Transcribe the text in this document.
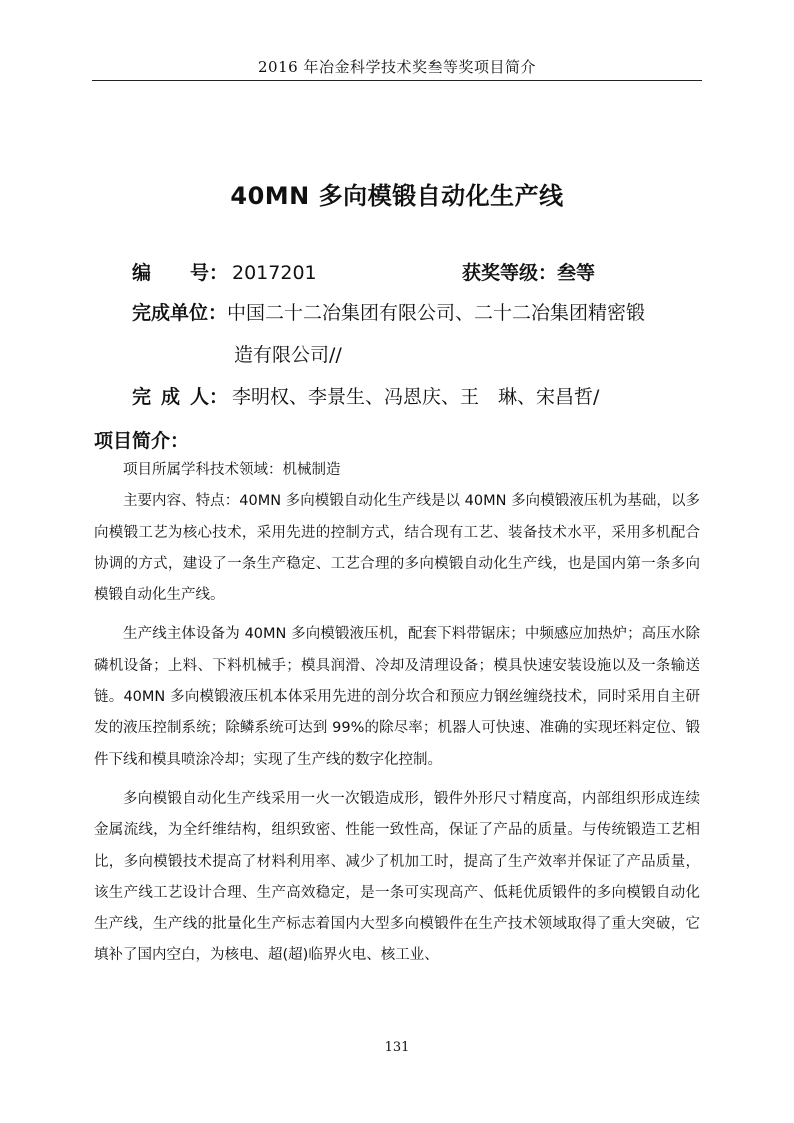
2016 年冶金科学技术奖叁等奖项目简介
40MN 多向模锻自动化生产线
编 号： 2017201	获奖等级：叁等
完成单位：中国二十二冶集团有限公司、二十二冶集团精密锻
造有限公司//
完 成 人： 李明权、李景生、冯恩庆、王　琳、宋昌哲/
项目简介：

项目所属学科技术领域：机械制造

主要内容、特点：40MN 多向模锻自动化生产线是以 40MN 多向模锻液压机为基础，以多向模锻工艺为核心技术，采用先进的控制方式，结合现有工艺、装备技术水平，采用多机配合协调的方式，建设了一条生产稳定、工艺合理的多向模锻自动化生产线，也是国内第一条多向模锻自动化生产线。

生产线主体设备为 40MN 多向模锻液压机，配套下料带锯床；中频感应加热炉；高压水除磷机设备；上料、下料机械手；模具润滑、冷却及清理设备；模具快速安装设施以及一条输送链。40MN 多向模锻液压机本体采用先进的剖分坎合和预应力钢丝缠绕技术，同时采用自主研发的液压控制系统；除鳞系统可达到 99%的除尽率；机器人可快速、准确的实现坯料定位、锻件下线和模具喷涂冷却；实现了生产线的数字化控制。

多向模锻自动化生产线采用一火一次锻造成形，锻件外形尺寸精度高，内部组织形成连续金属流线，为全纤维结构，组织致密、性能一致性高，保证了产品的质量。与传统锻造工艺相比，多向模锻技术提高了材料利用率、减少了机加工时，提高了生产效率并保证了产品质量，该生产线工艺设计合理、生产高效稳定，是一条可实现高产、低耗优质锻件的多向模锻自动化生产线，生产线的批量化生产标志着国内大型多向模锻件在生产技术领域取得了重大突破，它填补了国内空白，为核电、超(超)临界火电、核工业、

131
